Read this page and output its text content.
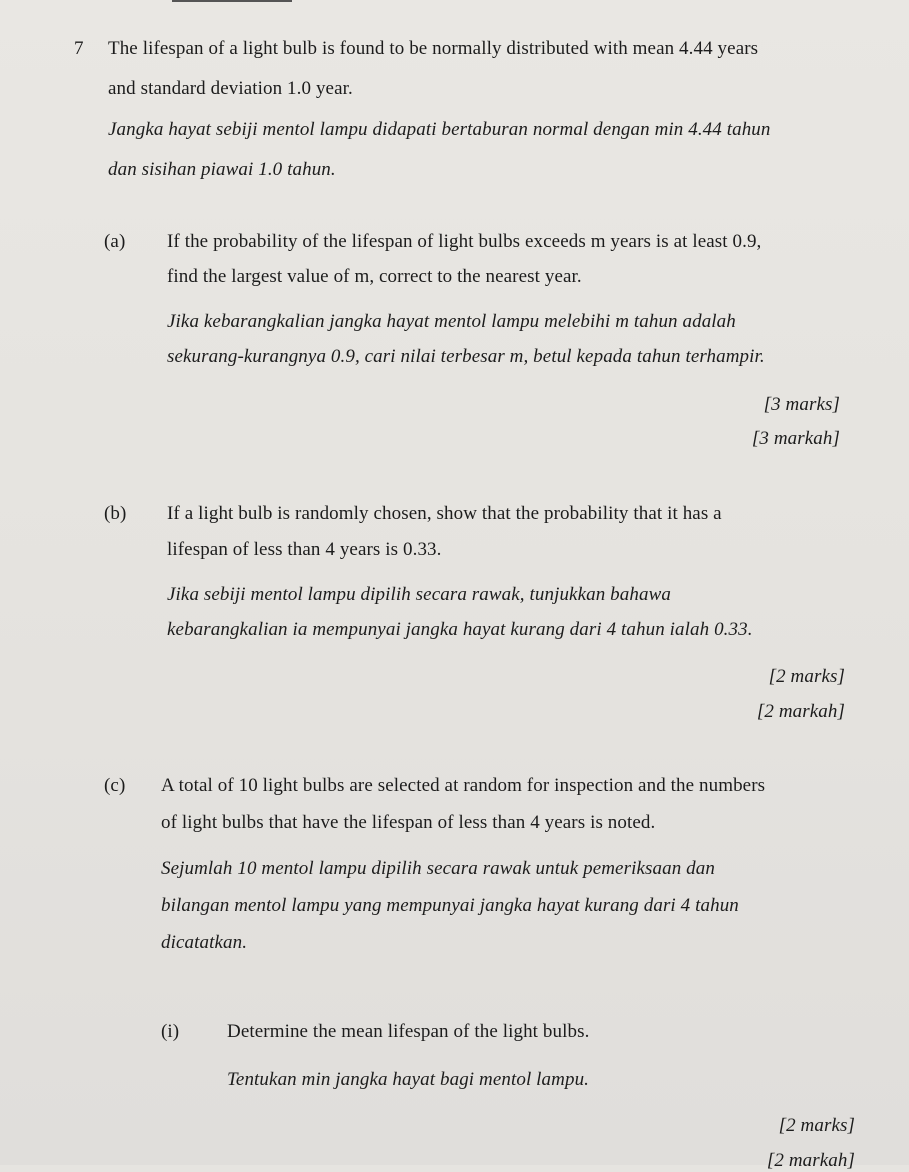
7 The lifespan of a light bulb is found to be normally distributed with mean 4.44 years
and standard deviation 1.0 year.
Jangka hayat sebiji mentol lampu didapati bertaburan normal dengan min 4.44 tahun
dan sisihan piawai 1.0 tahun.
(a) If the probability of the lifespan of light bulbs exceeds m years is at least 0.9,
find the largest value of m, correct to the nearest year.
Jika kebarangkalian jangka hayat mentol lampu melebihi m tahun adalah
sekurang-kurangnya 0.9, cari nilai terbesar m, betul kepada tahun terhampir.
[3 marks]
[3 markah]
(b) If a light bulb is randomly chosen, show that the probability that it has a
lifespan of less than 4 years is 0.33.
Jika sebiji mentol lampu dipilih secara rawak, tunjukkan bahawa
kebarangkalian ia mempunyai jangka hayat kurang dari 4 tahun ialah 0.33.
[2 marks]
[2 markah]
(c) A total of 10 light bulbs are selected at random for inspection and the numbers
of light bulbs that have the lifespan of less than 4 years is noted.
Sejumlah 10 mentol lampu dipilih secara rawak untuk pemeriksaan dan
bilangan mentol lampu yang mempunyai jangka hayat kurang dari 4 tahun
dicatatkan.
(i)	Determine the mean lifespan of the light bulbs.
Tentukan min jangka hayat bagi mentol lampu.
[2 marks]
[2 markah]
